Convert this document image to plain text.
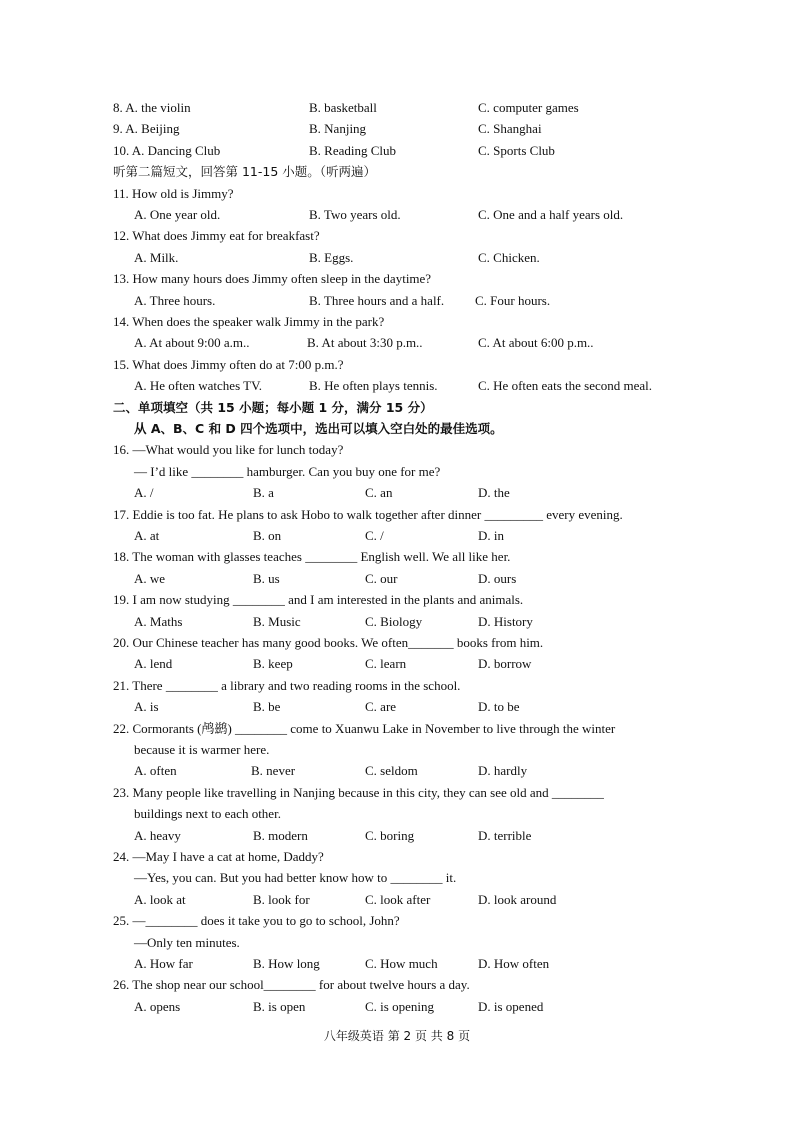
8. A. the violin	B. basketball	C. computer games
9. A. Beijing	B. Nanjing	C. Shanghai
10. A. Dancing Club	B. Reading Club	C. Sports Club
听第二篇短文，回答第 11-15 小题。（听两遍）
11. How old is Jimmy?
A. One year old.	B. Two years old.	C. One and a half years old.
12. What does Jimmy eat for breakfast?
A. Milk.	B. Eggs.	C. Chicken.
13. How many hours does Jimmy often sleep in the daytime?
A. Three hours.	B. Three hours and a half. C. Four hours.
14. When does the speaker walk Jimmy in the park?
A. At about 9:00 a.m..	B. At about 3:30 p.m..	C. At about 6:00 p.m..
15. What does Jimmy often do at 7:00 p.m.?
A. He often watches TV.	B. He often plays tennis.	C. He often eats the second meal.
二、单项填空（共 15 小题；每小题 1 分，满分 15 分）
从 A、B、C 和 D 四个选项中，选出可以填入空白处的最佳选项。
16. —What would you like for lunch today?
— I’d like ________ hamburger. Can you buy one for me?
A. /	B. a	C. an	D. the
17. Eddie is too fat. He plans to ask Hobo to walk together after dinner _________ every evening.
A. at	B. on	C. /	D. in
18. The woman with glasses teaches ________ English well. We all like her.
A. we	B. us	C. our	D. ours
19. I am now studying ________ and I am interested in the plants and animals.
A. Maths	B. Music	C. Biology	D. History
20. Our Chinese teacher has many good books. We often_______ books from him.
A. lend	B. keep	C. learn	D. borrow
21. There ________ a library and two reading rooms in the school.
A. is	B. be	C. are	D. to be
22. Cormorants (鸬鹚) ________ come to Xuanwu Lake in November to live through the winter
because it is warmer here.
A. often	B. never	C. seldom	D. hardly
23. Many people like travelling in Nanjing because in this city, they can see old and ________
buildings next to each other.
A. heavy	B. modern	C. boring	D. terrible
24. —May I have a cat at home, Daddy?
—Yes, you can. But you had better know how to ________ it.
A. look at	B. look for	C. look after	D. look around
25. —________ does it take you to go to school, John?
—Only ten minutes.
A. How far	B. How long	C. How much	D. How often
26. The shop near our school________ for about twelve hours a day.
A. opens	B. is open	C. is opening	D. is opened
八年级英语 第 2 页 共 8 页
